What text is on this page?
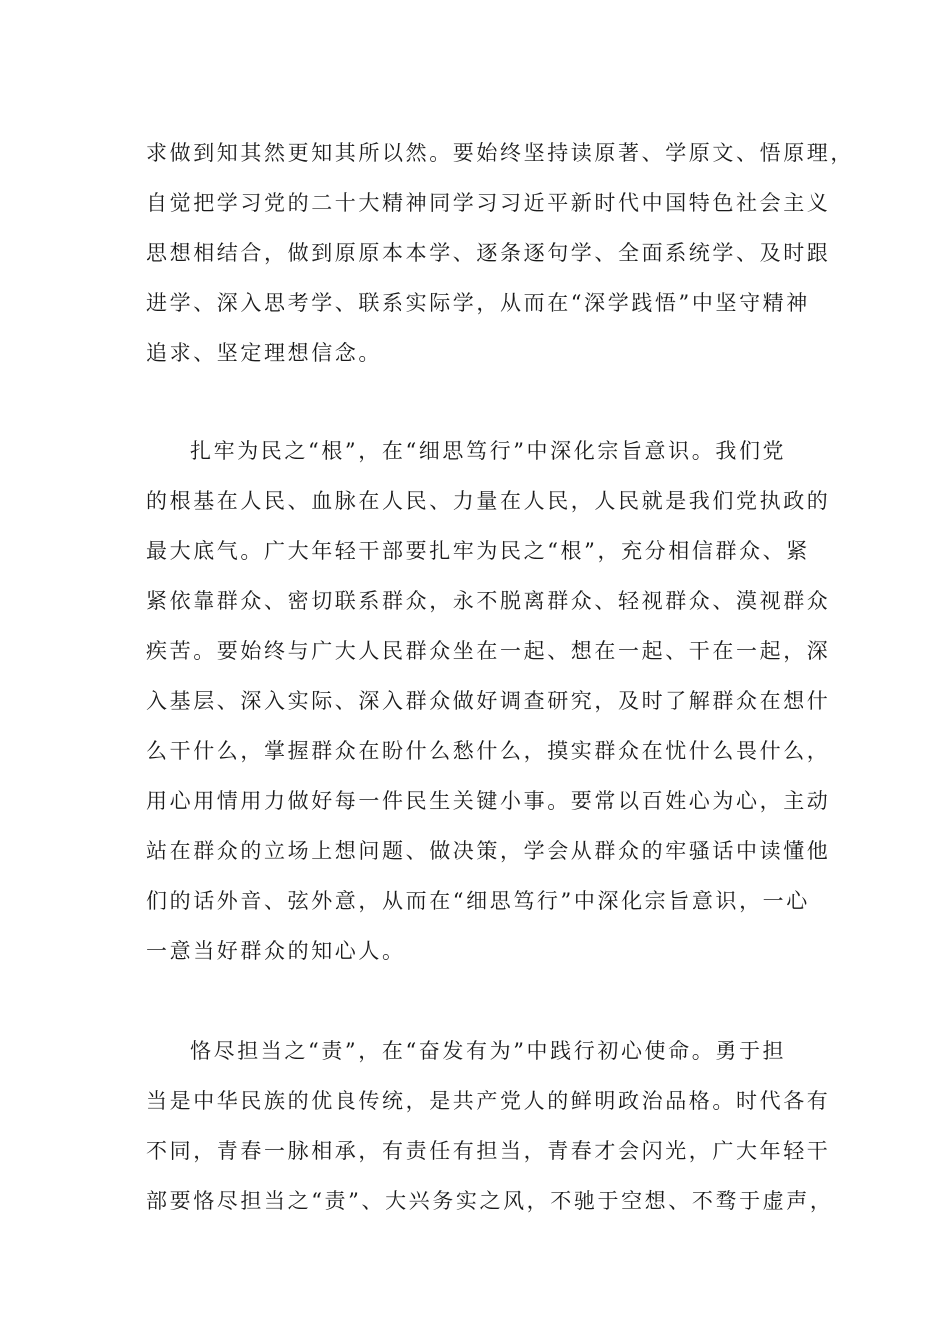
求做到知其然更知其所以然。要始终坚持读原著、学原文、悟原理，
自觉把学习党的二十大精神同学习习近平新时代中国特色社会主义
思想相结合，做到原原本本学、逐条逐句学、全面系统学、及时跟
进学、深入思考学、联系实际学，从而在“深学践悟”中坚守精神
追求、坚定理想信念。
扎牢为民之“根”，在“细思笃行”中深化宗旨意识。我们党
的根基在人民、血脉在人民、力量在人民，人民就是我们党执政的
最大底气。广大年轻干部要扎牢为民之“根”，充分相信群众、紧
紧依靠群众、密切联系群众，永不脱离群众、轻视群众、漠视群众
疾苦。要始终与广大人民群众坐在一起、想在一起、干在一起，深
入基层、深入实际、深入群众做好调查研究，及时了解群众在想什
么干什么，掌握群众在盼什么愁什么，摸实群众在忧什么畏什么，
用心用情用力做好每一件民生关键小事。要常以百姓心为心，主动
站在群众的立场上想问题、做决策，学会从群众的牢骚话中读懂他
们的话外音、弦外意，从而在“细思笃行”中深化宗旨意识，一心
一意当好群众的知心人。
恪尽担当之“责”，在“奋发有为”中践行初心使命。勇于担
当是中华民族的优良传统，是共产党人的鲜明政治品格。时代各有
不同，青春一脉相承，有责任有担当，青春才会闪光，广大年轻干
部要恪尽担当之“责”、大兴务实之风，不驰于空想、不骛于虚声，
